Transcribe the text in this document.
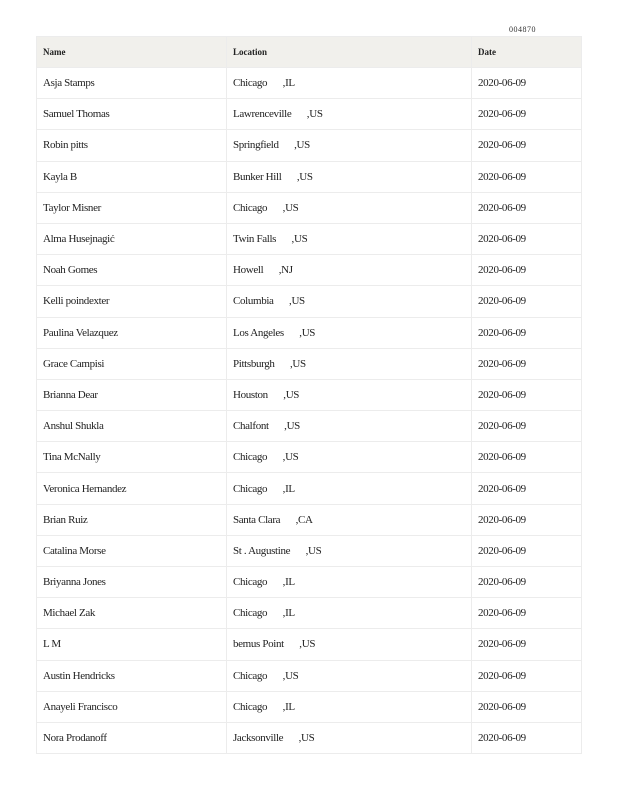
004870
Name	Location	Date
Asja Stamps	Chicago   ,IL	2020-06-09
Samuel Thomas	Lawrenceville   ,US	2020-06-09
Robin pitts	Springfield   ,US	2020-06-09
Kayla B	Bunker Hill   ,US	2020-06-09
Taylor Misner	Chicago   ,US	2020-06-09
Alma Husejnagić	Twin Falls   ,US	2020-06-09
Noah Gomes	Howell   ,NJ	2020-06-09
Kelli poindexter	Columbia   ,US	2020-06-09
Paulina Velazquez	Los Angeles   ,US	2020-06-09
Grace Campisi	Pittsburgh   ,US	2020-06-09
Brianna Dear	Houston   ,US	2020-06-09
Anshul Shukla	Chalfont   ,US	2020-06-09
Tina McNally	Chicago   ,US	2020-06-09
Veronica Hernandez	Chicago   ,IL	2020-06-09
Brian Ruiz	Santa Clara   ,CA	2020-06-09
Catalina Morse	St . Augustine   ,US	2020-06-09
Briyanna Jones	Chicago   ,IL	2020-06-09
Michael Zak	Chicago   ,IL	2020-06-09
L M	bemus Point   ,US	2020-06-09
Austin Hendricks	Chicago   ,US	2020-06-09
Anayeli Francisco	Chicago   ,IL	2020-06-09
Nora Prodanoff	Jacksonville   ,US	2020-06-09
